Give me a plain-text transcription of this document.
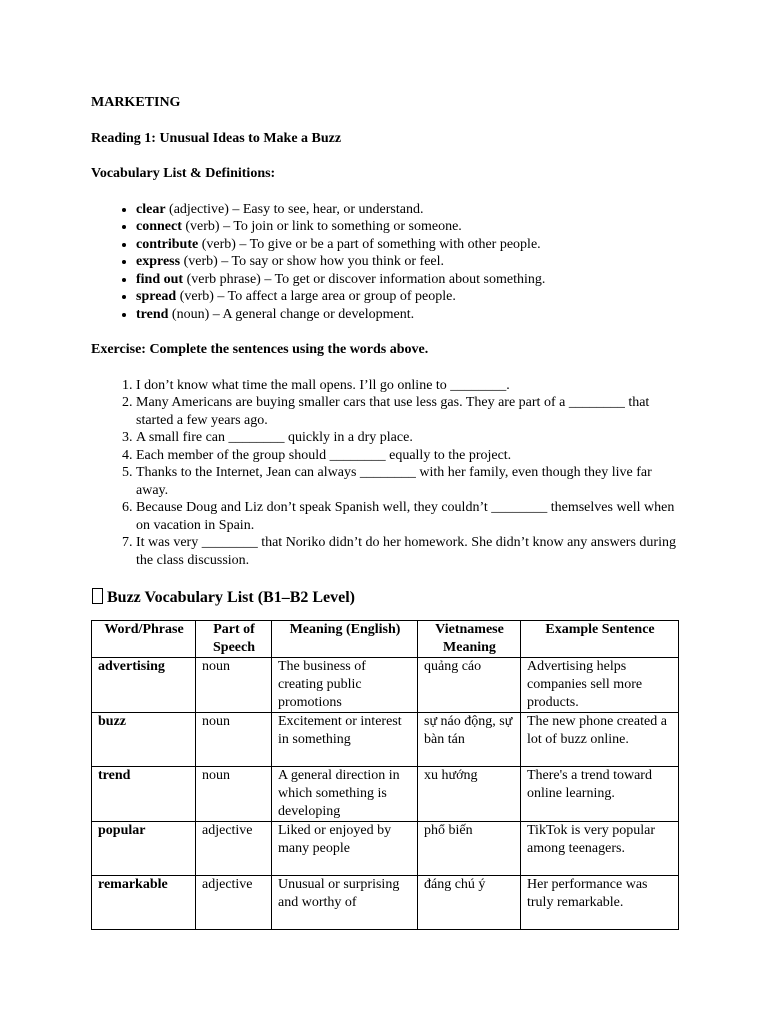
MARKETING

Reading 1: Unusual Ideas to Make a Buzz

Vocabulary List & Definitions:

• clear (adjective) – Easy to see, hear, or understand.
• connect (verb) – To join or link to something or someone.
• contribute (verb) – To give or be a part of something with other people.
• express (verb) – To say or show how you think or feel.
• find out (verb phrase) – To get or discover information about something.
• spread (verb) – To affect a large area or group of people.
• trend (noun) – A general change or development.

Exercise: Complete the sentences using the words above.

1. I don’t know what time the mall opens. I’ll go online to ________.
2. Many Americans are buying smaller cars that use less gas. They are part of a ________ that started a few years ago.
3. A small fire can ________ quickly in a dry place.
4. Each member of the group should ________ equally to the project.
5. Thanks to the Internet, Jean can always ________ with her family, even though they live far away.
6. Because Doug and Liz don’t speak Spanish well, they couldn’t ________ themselves well when on vacation in Spain.
7. It was very ________ that Noriko didn’t do her homework. She didn’t know any answers during the class discussion.

Buzz Vocabulary List (B1–B2 Level)

Word/Phrase	Part of Speech	Meaning (English)	Vietnamese Meaning	Example Sentence
advertising	noun	The business of creating public promotions	quảng cáo	Advertising helps companies sell more products.
buzz	noun	Excitement or interest in something	sự náo động, sự bàn tán	The new phone created a lot of buzz online.
trend	noun	A general direction in which something is developing	xu hướng	There's a trend toward online learning.
popular	adjective	Liked or enjoyed by many people	phổ biến	TikTok is very popular among teenagers.
remarkable	adjective	Unusual or surprising and worthy of	đáng chú ý	Her performance was truly remarkable.
